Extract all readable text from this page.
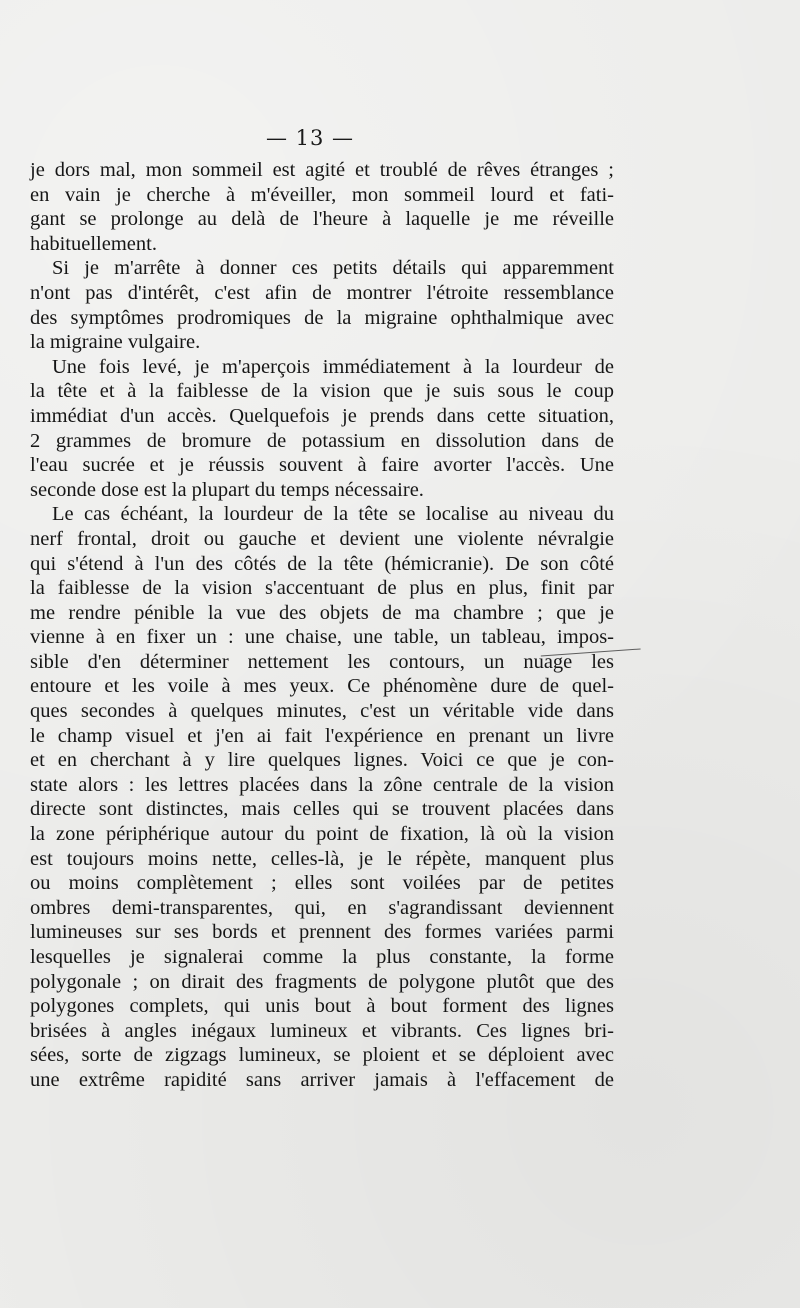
— 13 —
je dors mal, mon sommeil est agité et troublé de rêves étranges ;
en vain je cherche à m'éveiller, mon sommeil lourd et fati-
gant se prolonge au delà de l'heure à laquelle je me réveille
habituellement.
Si je m'arrête à donner ces petits détails qui apparemment
n'ont pas d'intérêt, c'est afin de montrer l'étroite ressemblance
des symptômes prodromiques de la migraine ophthalmique avec
la migraine vulgaire.
Une fois levé, je m'aperçois immédiatement à la lourdeur de
la tête et à la faiblesse de la vision que je suis sous le coup
immédiat d'un accès. Quelquefois je prends dans cette situation,
2 grammes de bromure de potassium en dissolution dans de
l'eau sucrée et je réussis souvent à faire avorter l'accès. Une
seconde dose est la plupart du temps nécessaire.
Le cas échéant, la lourdeur de la tête se localise au niveau du
nerf frontal, droit ou gauche et devient une violente névralgie
qui s'étend à l'un des côtés de la tête (hémicranie). De son côté
la faiblesse de la vision s'accentuant de plus en plus, finit par
me rendre pénible la vue des objets de ma chambre ; que je
vienne à en fixer un : une chaise, une table, un tableau, impos-
sible d'en déterminer nettement les contours, un nuage les
entoure et les voile à mes yeux. Ce phénomène dure de quel-
ques secondes à quelques minutes, c'est un véritable vide dans
le champ visuel et j'en ai fait l'expérience en prenant un livre
et en cherchant à y lire quelques lignes. Voici ce que je con-
state alors : les lettres placées dans la zône centrale de la vision
directe sont distinctes, mais celles qui se trouvent placées dans
la zone périphérique autour du point de fixation, là où la vision
est toujours moins nette, celles-là, je le répète, manquent plus
ou moins complètement ; elles sont voilées par de petites
ombres demi-transparentes, qui, en s'agrandissant deviennent
lumineuses sur ses bords et prennent des formes variées parmi
lesquelles je signalerai comme la plus constante, la forme
polygonale ; on dirait des fragments de polygone plutôt que des
polygones complets, qui unis bout à bout forment des lignes
brisées à angles inégaux lumineux et vibrants. Ces lignes bri-
sées, sorte de zigzags lumineux, se ploient et se déploient avec
une extrême rapidité sans arriver jamais à l'effacement de
